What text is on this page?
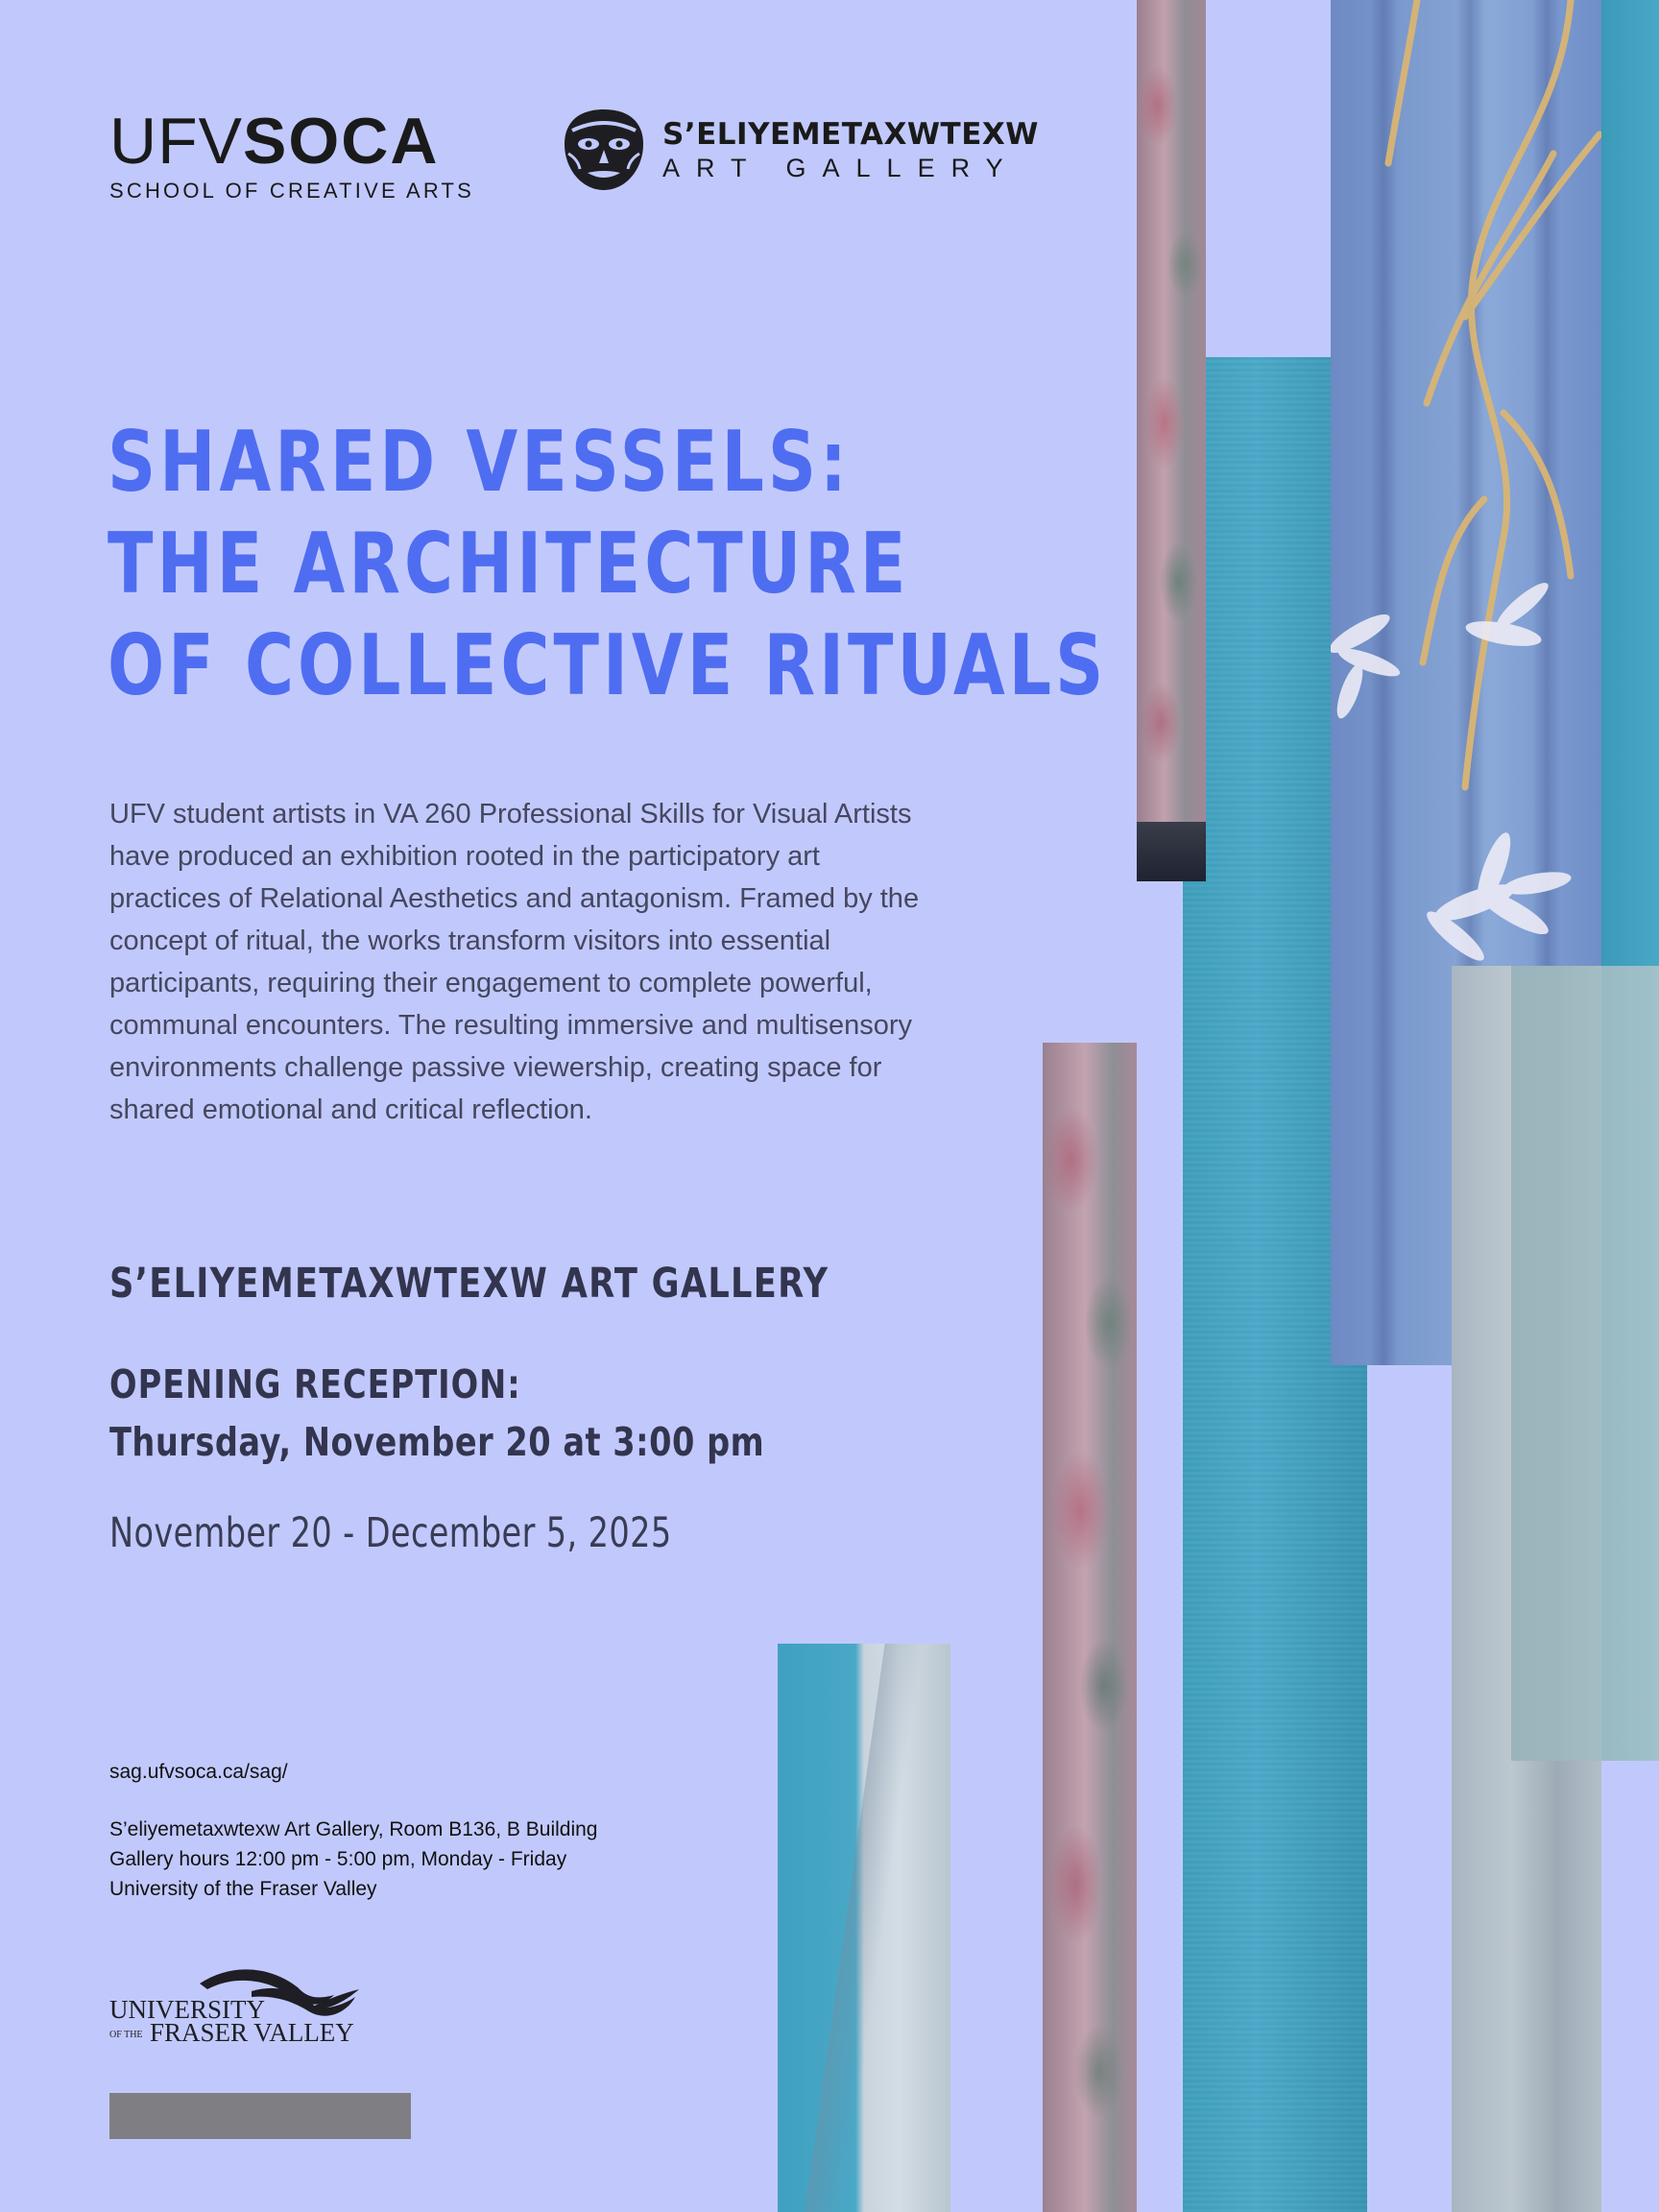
UFVSOCA
SCHOOL OF CREATIVE ARTS
S’ELIYEMETAXWTEXW
ART GALLERY
SHARED VESSELS:
THE ARCHITECTURE
OF COLLECTIVE RITUALS

UFV student artists in VA 260 Professional Skills for Visual Artists have produced an exhibition rooted in the participatory art practices of Relational Aesthetics and antagonism. Framed by the concept of ritual, the works transform visitors into essential participants, requiring their engagement to complete powerful, communal encounters. The resulting immersive and multisensory environments challenge passive viewership, creating space for shared emotional and critical reflection.

S’ELIYEMETAXWTEXW ART GALLERY
OPENING RECEPTION:
Thursday, November 20 at 3:00 pm
November 20 - December 5, 2025
sag.ufvsoca.ca/sag/
S’eliyemetaxwtexw Art Gallery, Room B136, B Building
Gallery hours 12:00 pm - 5:00 pm, Monday - Friday
University of the Fraser Valley
UNIVERSITY
OF THE FRASER VALLEY
